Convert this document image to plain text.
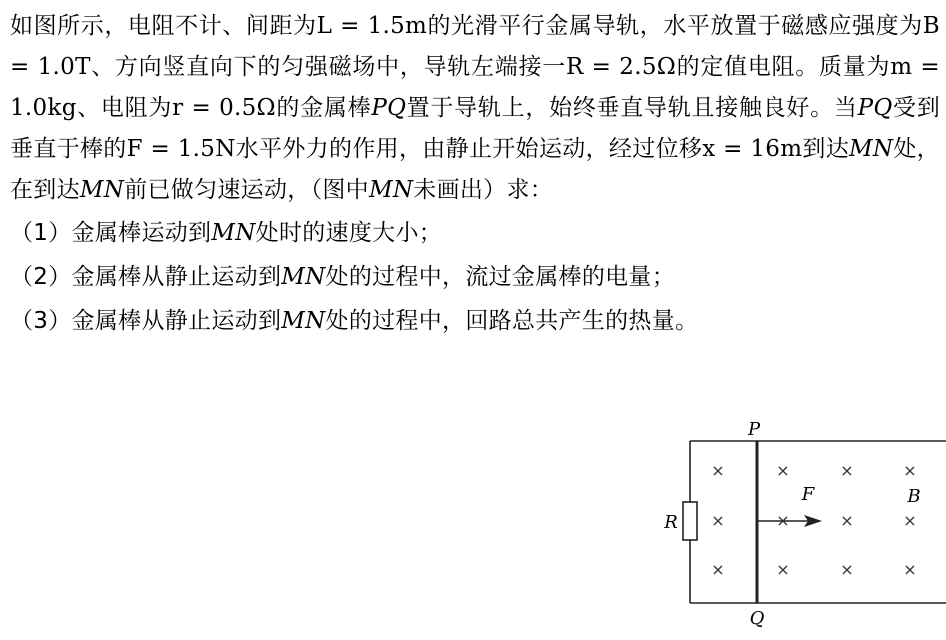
如图所示，电阻不计、间距为L = 1.5m的光滑平行金属导轨，水平放置于磁感应强度为B = 1.0T、方向竖直向下的匀强磁场中，导轨左端接一R = 2.5Ω的定值电阻。质量为m = 1.0kg、电阻为r = 0.5Ω的金属棒PQ置于导轨上，始终垂直导轨且接触良好。当PQ受到垂直于棒的F = 1.5N水平外力的作用，由静止开始运动，经过位移x = 16m到达MN处，在到达MN前已做匀速运动，（图中MN未画出）求：

（1）金属棒运动到MN处时的速度大小；

（2）金属棒从静止运动到MN处的过程中，流过金属棒的电量；

（3）金属棒从静止运动到MN处的过程中，回路总共产生的热量。

×	×	×	×
×	×	×	×
×	×	×	×
P
Q
R
F	B
